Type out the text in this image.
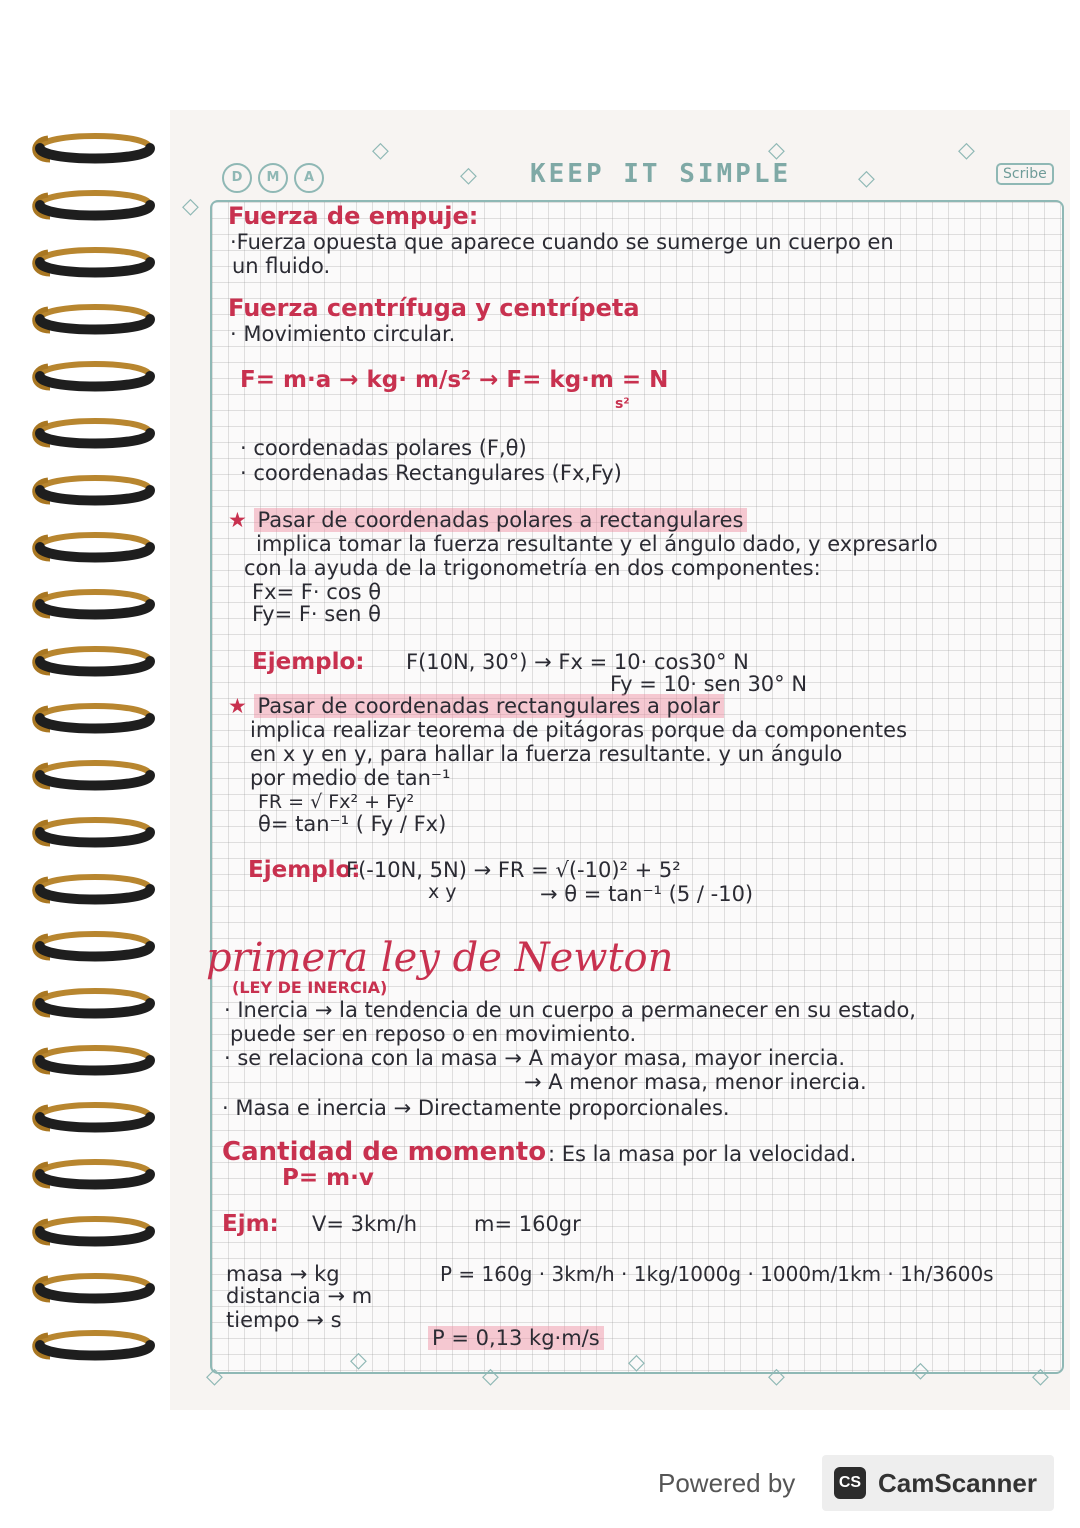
D	M	A	KEEP IT SIMPLE	Scribe
◇
◇
◇
◇
◇
◇ Fuerza de empuje:
·Fuerza opuesta que aparece cuando se sumerge un cuerpo en
un fluido.
Fuerza centrífuga y centrípeta
· Movimiento circular.
F= m·a → kg· m/s² → F= kg·m = N
s²
· coordenadas polares (F,θ)
· coordenadas Rectangulares (Fx,Fy)
★ Pasar de coordenadas polares a rectangulares
implica tomar la fuerza resultante y el ángulo dado, y expresarlo
con la ayuda de la trigonometría en dos componentes:
Fx= F· cos θ
Fy= F· sen θ
Ejemplo: F(10N, 30°) → Fx = 10· cos30° N
Fy = 10· sen 30° N
★ Pasar de coordenadas rectangulares a polar
implica realizar teorema de pitágoras porque da componentes
en x y en y, para hallar la fuerza resultante. y un ángulo
por medio de tan⁻¹
FR = √ Fx² + Fy²
θ= tan⁻¹ ( Fy / Fx)
Ejemplo:
F(-10N, 5N) → FR = √(-10)² + 5²
x y	→ θ = tan⁻¹ (5 / -10)
primera ley de Newton
(LEY DE INERCIA)
· Inercia → la tendencia de un cuerpo a permanecer en su estado,
puede ser en reposo o en movimiento.
· se relaciona con la masa → A mayor masa, mayor inercia.
→ A menor masa, menor inercia.
· Masa e inercia → Directamente proporcionales.
Cantidad de momento : Es la masa por la velocidad.
P= m·v
Ejm: V= 3km/h	m= 160gr
masa → kg
distancia → m
tiempo → s
P = 160g · 3km/h · 1kg/1000g · 1000m/1km · 1h/3600s
P = 0,13 kg·m/s
◇
◇
◇
◇
◇	◇	◇
Powered by	CS CamScanner
